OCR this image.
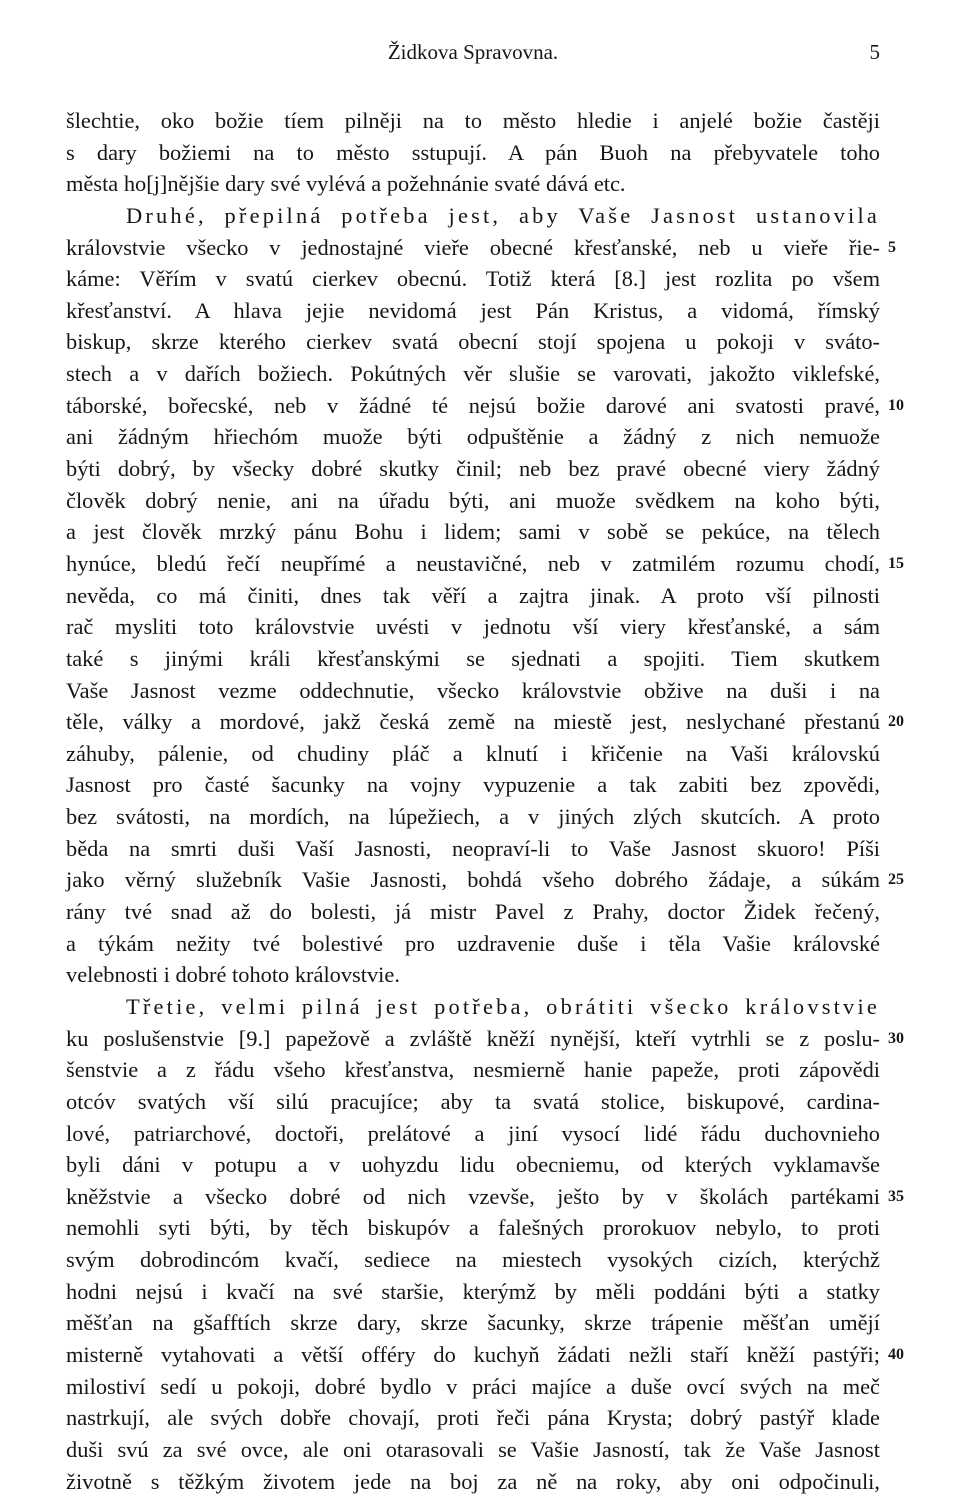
Židkova Spravovna.	5
šlechtie, oko božie tíem pilněji na to město hledie i anjelé božie častěji
s dary božiemi na to město sstupují. A pán Buoh na přebyvatele toho
města ho[j]nějšie dary své vylévá a požehnánie svaté dává etc.
Druhé, přepilná potřeba jest, aby Vaše Jasnost ustanovila
královstvie všecko v jednostajné vieře obecné křesťanské, neb u vieře řie- 5
káme: Věřím v svatú cierkev obecnú. Totiž která [8.] jest rozlita po všem
křesťanství. A hlava jejie nevidomá jest Pán Kristus, a vidomá, římský
biskup, skrze kterého cierkev svatá obecní stojí spojena u pokoji v sváto-
stech a v dařích božiech. Pokútných věr slušie se varovati, jakožto viklefské,
táborské, bořecské, neb v žádné té nejsú božie darové ani svatosti pravé, 10
ani žádným hřiechóm muože býti odpuštěnie a žádný z nich nemuože
býti dobrý, by všecky dobré skutky činil; neb bez pravé obecné viery žádný
člověk dobrý nenie, ani na úřadu býti, ani muože svědkem na koho býti,
a jest člověk mrzký pánu Bohu i lidem; sami v sobě se pekúce, na tělech
hynúce, bledú řečí neupřímé a neustavičné, neb v zatmilém rozumu chodí, 15
nevěda, co má činiti, dnes tak věří a zajtra jinak. A proto vší pilnosti
rač mysliti toto královstvie uvésti v jednotu vší viery křesťanské, a sám
také s jinými králi křesťanskými se sjednati a spojiti. Tiem skutkem
Vaše Jasnost vezme oddechnutie, všecko královstvie obžive na duši i na
těle, války a mordové, jakž česká země na miestě jest, neslychané přestanú 20
záhuby, pálenie, od chudiny pláč a klnutí i křičenie na Vaši královskú
Jasnost pro časté šacunky na vojny vypuzenie a tak zabiti bez zpovědi,
bez svátosti, na mordích, na lúpežiech, a v jiných zlých skutcích. A proto
běda na smrti duši Vaší Jasnosti, neopraví-li to Vaše Jasnost skuoro! Píši
jako věrný služebník Vašie Jasnosti, bohdá všeho dobrého žádaje, a súkám 25
rány tvé snad až do bolesti, já mistr Pavel z Prahy, doctor Židek řečený,
a týkám nežity tvé bolestivé pro uzdravenie duše i těla Vašie královské
velebnosti i dobré tohoto královstvie.
Třetie, velmi pilná jest potřeba, obrátiti všecko královstvie
ku poslušenstvie [9.] papežově a zvláště kněží nynější, kteří vytrhli se z poslu- 30
šenstvie a z řádu všeho křesťanstva, nesmierně hanie papeže, proti zápovědi
otcóv svatých vší silú pracujíce; aby ta svatá stolice, biskupové, cardina-
lové, patriarchové, doctoři, prelátové a jiní vysocí lidé řádu duchovnieho
byli dáni v potupu a v uohyzdu lidu obecniemu, od kterých vyklamavše
kněžstvie a všecko dobré od nich vzevše, ješto by v školách partékami 35
nemohli syti býti, by těch biskupóv a falešných prorokuov nebylo, to proti
svým dobrodincóm kvačí, sediece na miestech vysokých cizích, kterýchž
hodni nejsú i kvačí na své staršie, kterýmž by měli poddáni býti a statky
měšťan na gšafftích skrze dary, skrze šacunky, skrze trápenie měšťan umějí
misterně vytahovati a větší offéry do kuchyň žádati nežli staří kněží pastýři; 40
milostiví sedí u pokoji, dobré bydlo v práci majíce a duše ovcí svých na meč
nastrkují, ale svých dobře chovají, proti řeči pána Krysta; dobrý pastýř klade
duši svú za své ovce, ale oni otarasovali se Vašie Jasností, tak že Vaše Jasnost
životně s těžkým životem jede na boj za ně na roky, aby oni odpočinuli,
